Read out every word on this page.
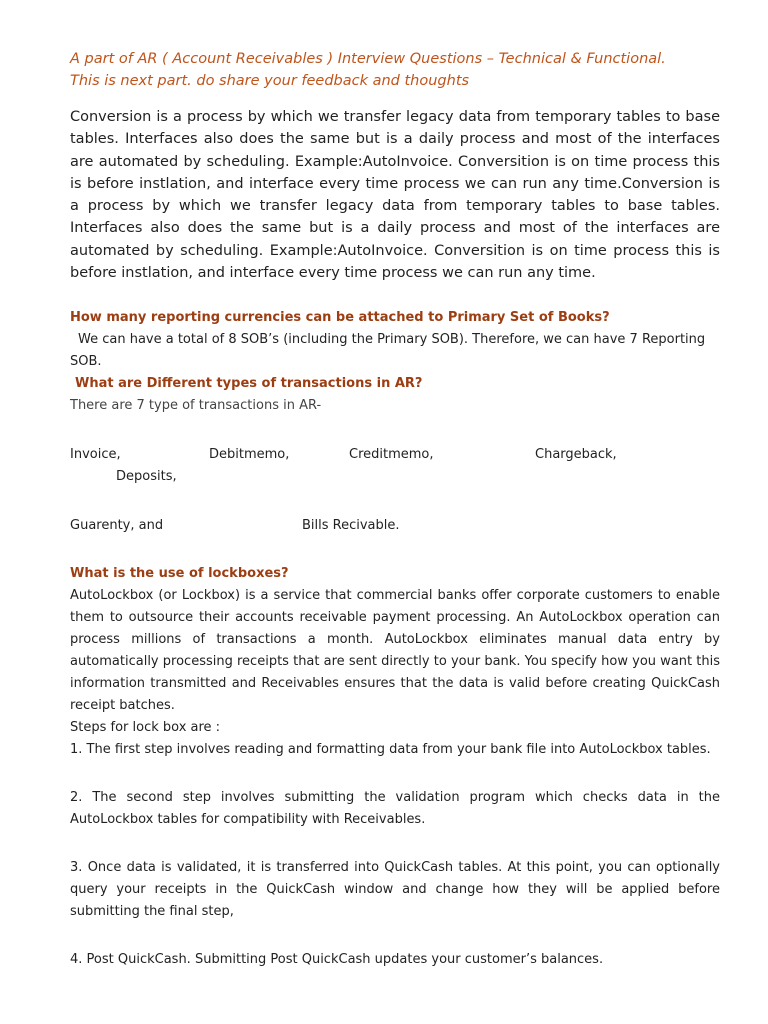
A part of AR ( Account Receivables ) Interview Questions – Technical & Functional.

This is next part. do share your feedback and thoughts

Conversion is a process by which we transfer legacy data from temporary tables to base tables. Interfaces also does the same but is a daily process and most of the interfaces are automated by scheduling. Example:AutoInvoice. Conversition is on time process this is before instlation, and interface every time process we can run any time.Conversion is a process by which we transfer legacy data from temporary tables to base tables. Interfaces also does the same but is a daily process and most of the interfaces are automated by scheduling. Example:AutoInvoice. Conversition is on time process this is before instlation, and interface every time process we can run any time.

How many reporting currencies can be attached to Primary Set of Books?

We can have a total of 8 SOB’s (including the Primary SOB). Therefore, we can have 7 Reporting SOB.

What are Different types of transactions in AR?

There are 7 type of transactions in AR-

Invoice,	Debitmemo,	Creditmemo,	Chargeback,
Deposits,
Guarenty, and	Bills Recivable.

What is the use of lockboxes?

AutoLockbox (or Lockbox) is a service that commercial banks offer corporate customers to enable them to outsource their accounts receivable payment processing. An AutoLockbox operation can process millions of transactions a month. AutoLockbox eliminates manual data entry by automatically processing receipts that are sent directly to your bank. You specify how you want this information transmitted and Receivables ensures that the data is valid before creating QuickCash receipt batches.

Steps for lock box are :

1. The first step involves reading and formatting data from your bank file into AutoLockbox tables.

2. The second step involves submitting the validation program which checks data in the AutoLockbox tables for compatibility with Receivables.

3. Once data is validated, it is transferred into QuickCash tables. At this point, you can optionally query your receipts in the QuickCash window and change how they will be applied before submitting the final step,

4. Post QuickCash. Submitting Post QuickCash updates your customer’s balances.
